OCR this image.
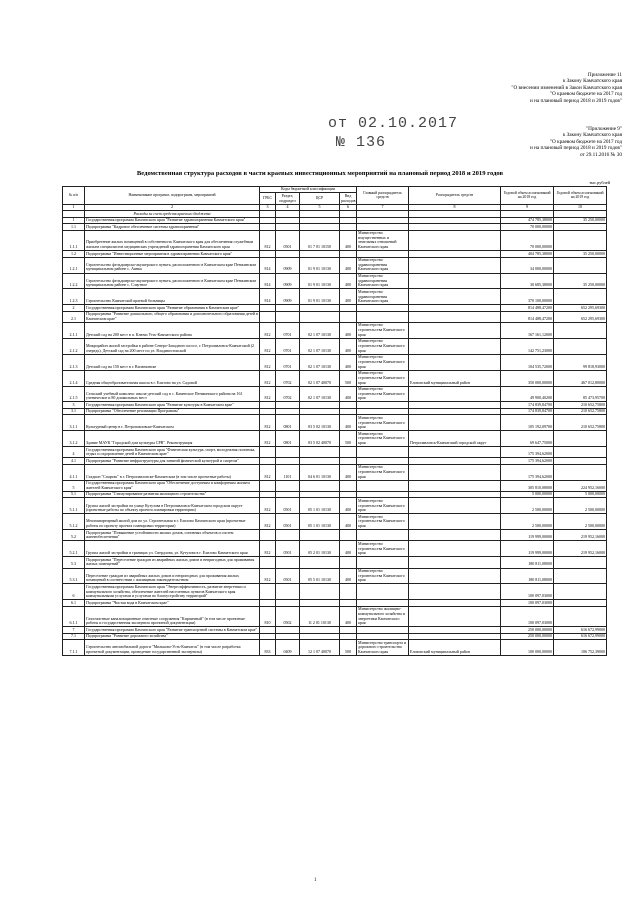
Приложение 11
к Закону Камчатского края
"О внесении изменений в Закон Камчатского края
"О краевом бюджете на 2017 год
и на плановый период 2018 и 2019 годов"
от 02.10.2017
№ 136
"Приложение 9"
к Закону Камчатского края
"О краевом бюджете на 2017 год
и на плановый период 2018 и 2019 годов"
от 29.11.2016 № 30
Ведомственная структура расходов в части краевых инвестиционных мероприятий на плановый период 2018 и 2019 годов
тыс.рублей
№ п/п	Наименование программ, подпрограмм, мероприятий	Коды бюджетной классификации				Главный распорядитель средств	Распорядитель средств	Годовой объем ассигнований на 2018 год	Годовой объем ассигнований на 2019 год
		ГРБС	Раздел, подраздел	ЦСР	Вид расходов				
1	2	3	4	5	6	7	8	9	10
	Расходы за счет средств краевого бюджета								
1	Государственная программа Камчатского края "Развитие здравоохранения Камчатского края"							474 785,38000	35 250,00000
1.1	Подпрограмма "Кадровое обеспечение системы здравоохранения"							70 000,00000	
1.1.1	Приобретение жилых помещений в собственность Камчатского края для обеспечения служебным жильем специалистов медицинских учреждений здравоохранения Камчатского края	812	0501	01 7 01 10150	400	Министерство имущественных и земельных отношений Камчатского края		70 000,00000	
1.2	Подпрограмма "Инвестиционные мероприятия в здравоохранении Камчатского края"							404 785,38000	35 250,00000
1.2.1	Строительство фельдшерско-акушерского пункта, расположенного в Камчатском крае Пенжинском муниципальном районе с. Аянка	814	0909	01 9 01 10130	400	Министерство здравоохранения Камчатского края		34 000,00000	
1.2.2	Строительство фельдшерско-акушерского пункта, расположенного в Камчатском крае Пенжинском муниципальном районе с. Слаутное	814	0909	01 9 01 10130	400	Министерство здравоохранения Камчатского края		30 685,38000	35 250,00000
1.2.3	Строительство Камчатской краевой больницы	814	0909	01 9 01 10130	400	Министерство здравоохранения Камчатского края		370 100,00000	
2	Государственная программа Камчатского края "Развитие образования в Камчатском крае"							814 488,47200	652 295,69300
2.1	Подпрограмма "Развитие дошкольного, общего образования и дополнительного образования детей в Камчатском крае"							814 488,47200	652 295,69300
2.1.1	Детский сад на 200 мест в п. Ключи Усть-Камчатского района	812	0701	02 1 07 10130	400	Министерство строительства Камчатского края		167 161,12000	
2.1.2	Микрорайон жилой застройки в районе Северо-Западного шоссе, г. Петропавловск-Камчатский (2 очередь). Детский сад на 200 мест по ул. Владивостокской	812	0701	02 1 07 10130	400	Министерство строительства Камчатского края		142 751,23000	
2.1.3	Детский сад на 150 мест в г. Вилючинске	812	0701	02 1 07 10130	400	Министерство строительства Камчатского края		104 535,72000	99 818,93000
2.1.4	Средняя общеобразовательная школа в г. Елизово на ул. Садовой	812	0702	02 1 07 40070	500	Министерство строительства Камчатского края	Елизовский муниципальный район	350 000,00000	467 012,80000
2.1.5	Сельский учебный комплекс школа-детский сад в с. Каменское Пенжинского района на 161 ученическое и 80 дошкольных мест	812	0702	02 1 07 10130	400	Министерство строительства Камчатского края		49 900,40200	85 473,95700
3	Государственная программа Камчатского края "Развитие культуры в Камчатском крае"							174 839,84700	210 652,75800
3.1	Подпрограмма "Обеспечение реализации Программы"							174 839,84700	210 652,75800
3.1.1	Культурный центр в г. Петропавловске-Камчатском	812	0801	03 5 02 10130	400	Министерство строительства Камчатского края		105 192,09700	210 652,75800
3.1.2	Здание МАУК "Городской дом культуры СРВ". Реконструкция	812	0801	03 5 02 40070	500	Министерство строительства Камчатского края	Петропавловск-Камчатский городской округ	69 647,75000	
4	Государственная программа Камчатского края "Физическая культура, спорт, молодежная политика, отдых и оздоровление детей в Камчатском крае"							175 394,62000	
4.1	Подпрограмма "Развитие инфраструктуры для занятий физической культурой и спортом"							175 394,62000	
4.1.1	Стадион "Спартак" в г. Петропавловске-Камчатском (в том числе проектные работы)	812	1101	04 6 01 10130	400	Министерство строительства Камчатского края		175 394,62000	
5	Государственная программа Камчатского края "Обеспечение доступным и комфортным жильем жителей Камчатского края"							305 810,08000	224 952,16000
5.1	Подпрограмма "Стимулирование развития жилищного строительства"							5 000,00000	5 000,00000
5.1.1	Группа жилой застройки на улице Кутузова в Петропавловск-Камчатском городском округе (проектные работы по объекту проекта планировки территории)	812	0501	05 1 01 10130	400	Министерство строительства Камчатского края		2 500,00000	2 500,00000
5.1.2	Многоквартирный жилой дом по ул. Строительная в г. Елизово Камчатского края (проектные работы по проекту проекта планировки территории)	812	0501	05 1 01 10130	400	Министерство строительства Камчатского края		2 500,00000	2 500,00000
5.2	Подпрограмма "Повышение устойчивости жилых домов, основных объектов и систем жизнеобеспечения"							119 999,00000	219 952,16000
5.2.1	Группа жилой застройки в границах ул. Свердлова, ул. Кутузова в г. Елизово Камчатского края	812	0501	05 2 01 10130	400	Министерство строительства Камчатского края		119 999,00000	219 952,16000
5.3	Подпрограмма "Переселение граждан из аварийных жилых домов и непригодных для проживания жилых помещений"							180 811,08000	
5.3.1	Переселение граждан из аварийных жилых домов и непригодных для проживания жилых помещений в соответствии с жилищным законодательством	812	0501	05 5 01 10130	400	Министерство строительства Камчатского края		180 811,08000	
6	Государственная программа Камчатского края "Энергоэффективность, развитие энергетики и коммунального хозяйства, обеспечение жителей населенных пунктов Камчатского края коммунальными услугами и услугами по благоустройству территорий"							100 097,03000	
6.1	Подпрограмма "Чистая вода в Камчатском крае"							100 097,03000	
6.1.1	Газоочистные канализационные очистные сооружения "Кирпичный" (в том числе проектные работы и государственная экспертиза проектной документации)	810	0502	11 2 01 10130	400	Министерство жилищно-коммунального хозяйства и энергетики Камчатского края		100 097,03000	
7	Государственная программа Камчатского края "Развитие транспортной системы в Камчатском крае"							250 000,00000	616 672,99000
7.1	Подпрограмма "Развитие дорожного хозяйства"							250 000,00000	616 672,99000
7.1.1	Строительство автомобильной дороги "Мильково-Усть-Камчатск" (в том числе разработка проектной документации, проведение государственной экспертизы)	833	0409	12 1 07 40070	500	Министерство транспорта и дорожного строительства Камчатского края	Елизовский муниципальный район	100 000,00000	106 752,39000
1
